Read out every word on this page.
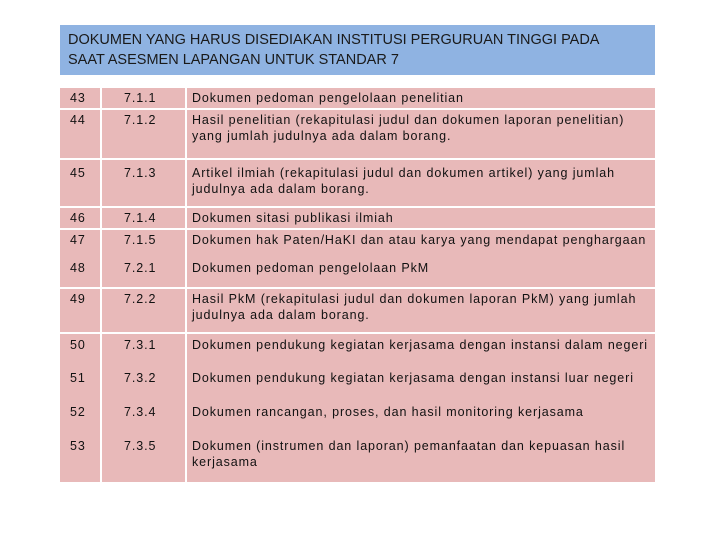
DOKUMEN YANG HARUS DISEDIAKAN INSTITUSI PERGURUAN TINGGI PADA
SAAT ASESMEN LAPANGAN UNTUK STANDAR 7
43	7.1.1	Dokumen pedoman pengelolaan penelitian
44	7.1.2	Hasil penelitian (rekapitulasi judul dan dokumen laporan penelitian) yang jumlah judulnya ada dalam borang.
45	7.1.3	Artikel ilmiah (rekapitulasi judul dan dokumen artikel) yang jumlah judulnya ada dalam borang.
46	7.1.4	Dokumen sitasi publikasi ilmiah
47	7.1.5	Dokumen hak Paten/HaKI dan atau karya yang mendapat penghargaan
48	7.2.1	Dokumen pedoman pengelolaan PkM
49	7.2.2	Hasil PkM (rekapitulasi judul dan dokumen laporan PkM) yang jumlah judulnya ada dalam borang.
50	7.3.1	Dokumen pendukung kegiatan kerjasama dengan instansi dalam negeri
51	7.3.2	Dokumen pendukung kegiatan kerjasama dengan instansi luar negeri
52	7.3.4	Dokumen rancangan, proses, dan hasil monitoring kerjasama
53	7.3.5	Dokumen (instrumen dan laporan) pemanfaatan dan kepuasan hasil kerjasama
